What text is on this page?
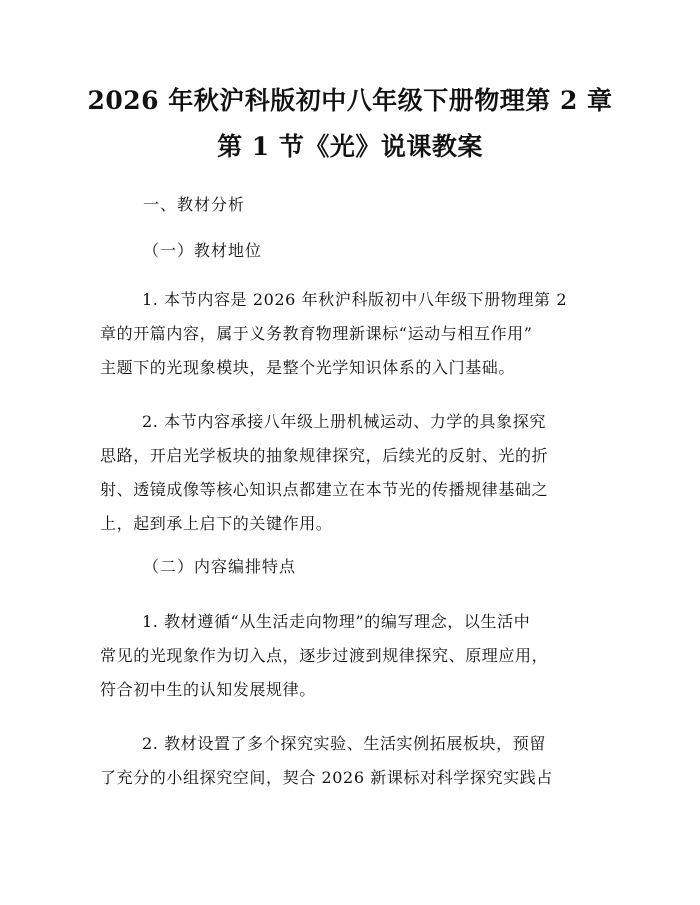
2026 年秋沪科版初中八年级下册物理第 2 章
第 1 节《光》说课教案
一、教材分析
（一）教材地位
1. 本节内容是 2026 年秋沪科版初中八年级下册物理第 2
章的开篇内容，属于义务教育物理新课标“运动与相互作用”
主题下的光现象模块，是整个光学知识体系的入门基础。
2. 本节内容承接八年级上册机械运动、力学的具象探究
思路，开启光学板块的抽象规律探究，后续光的反射、光的折
射、透镜成像等核心知识点都建立在本节光的传播规律基础之
上，起到承上启下的关键作用。
（二）内容编排特点
1. 教材遵循“从生活走向物理”的编写理念，以生活中
常见的光现象作为切入点，逐步过渡到规律探究、原理应用，
符合初中生的认知发展规律。
2. 教材设置了多个探究实验、生活实例拓展板块，预留
了充分的小组探究空间，契合 2026 新课标对科学探究实践占
